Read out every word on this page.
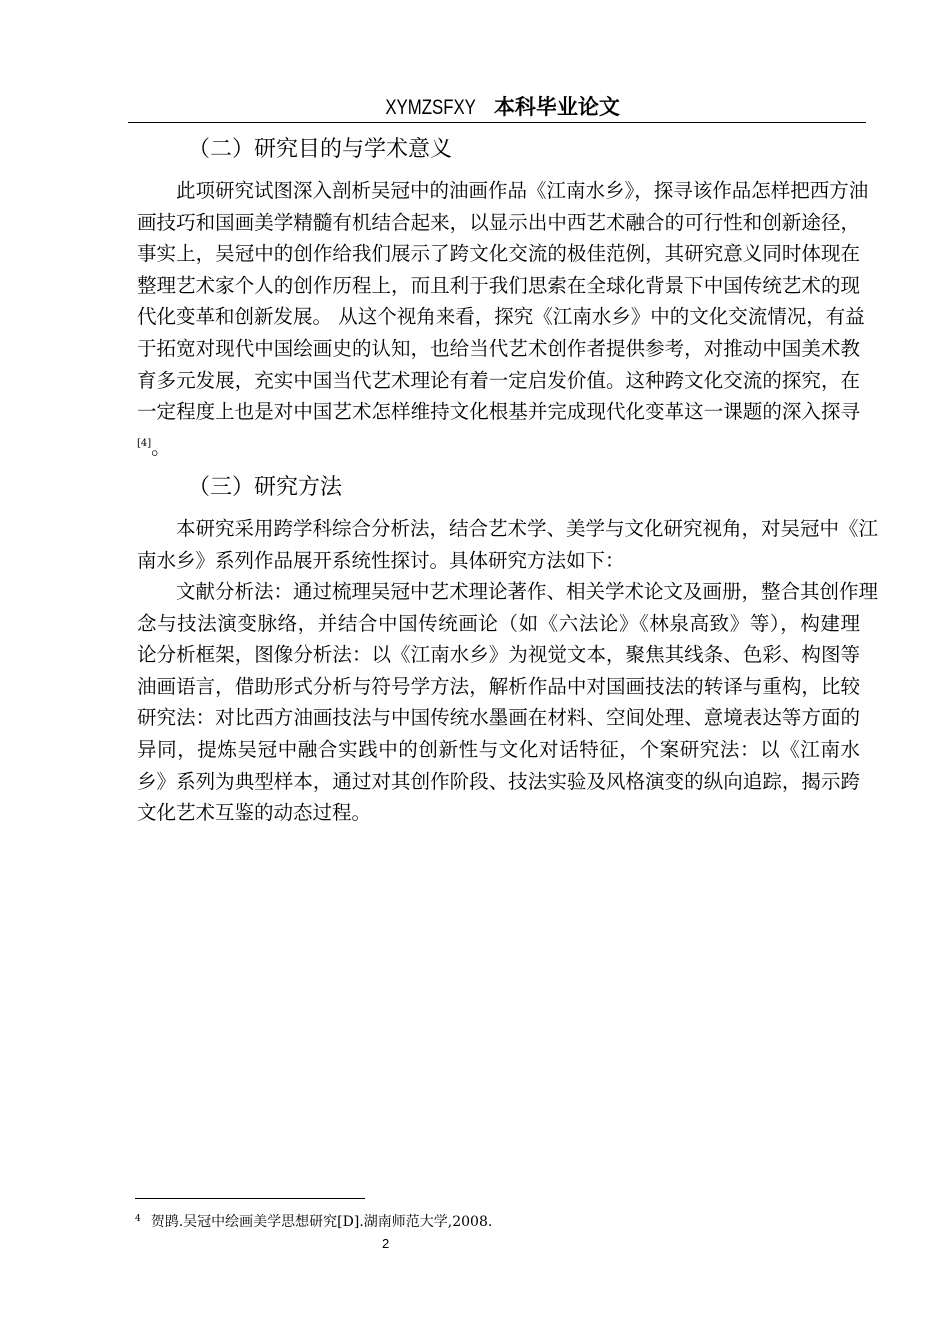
XYMZSFXY 本科毕业论文
（二）研究目的与学术意义
此项研究试图深入剖析吴冠中的油画作品《江南水乡》，探寻该作品怎样把西方油
画技巧和国画美学精髓有机结合起来，以显示出中西艺术融合的可行性和创新途径，
事实上，吴冠中的创作给我们展示了跨文化交流的极佳范例，其研究意义同时体现在
整理艺术家个人的创作历程上，而且利于我们思索在全球化背景下中国传统艺术的现
代化变革和创新发展。 从这个视角来看，探究《江南水乡》中的文化交流情况，有益
于拓宽对现代中国绘画史的认知，也给当代艺术创作者提供参考，对推动中国美术教
育多元发展，充实中国当代艺术理论有着一定启发价值。这种跨文化交流的探究，在
一定程度上也是对中国艺术怎样维持文化根基并完成现代化变革这一课题的深入探寻
[4]。
（三）研究方法
本研究采用跨学科综合分析法，结合艺术学、美学与文化研究视角，对吴冠中《江
南水乡》系列作品展开系统性探讨。具体研究方法如下：
文献分析法：通过梳理吴冠中艺术理论著作、相关学术论文及画册，整合其创作理
念与技法演变脉络，并结合中国传统画论（如《六法论》《林泉高致》等），构建理
论分析框架，图像分析法：以《江南水乡》为视觉文本，聚焦其线条、色彩、构图等
油画语言，借助形式分析与符号学方法，解析作品中对国画技法的转译与重构，比较
研究法：对比西方油画技法与中国传统水墨画在材料、空间处理、意境表达等方面的
异同，提炼吴冠中融合实践中的创新性与文化对话特征，个案研究法：以《江南水
乡》系列为典型样本，通过对其创作阶段、技法实验及风格演变的纵向追踪，揭示跨
文化艺术互鉴的动态过程。
$^4$ 贺鹍.吴冠中绘画美学思想研究[D].湖南师范大学,2008.
2
